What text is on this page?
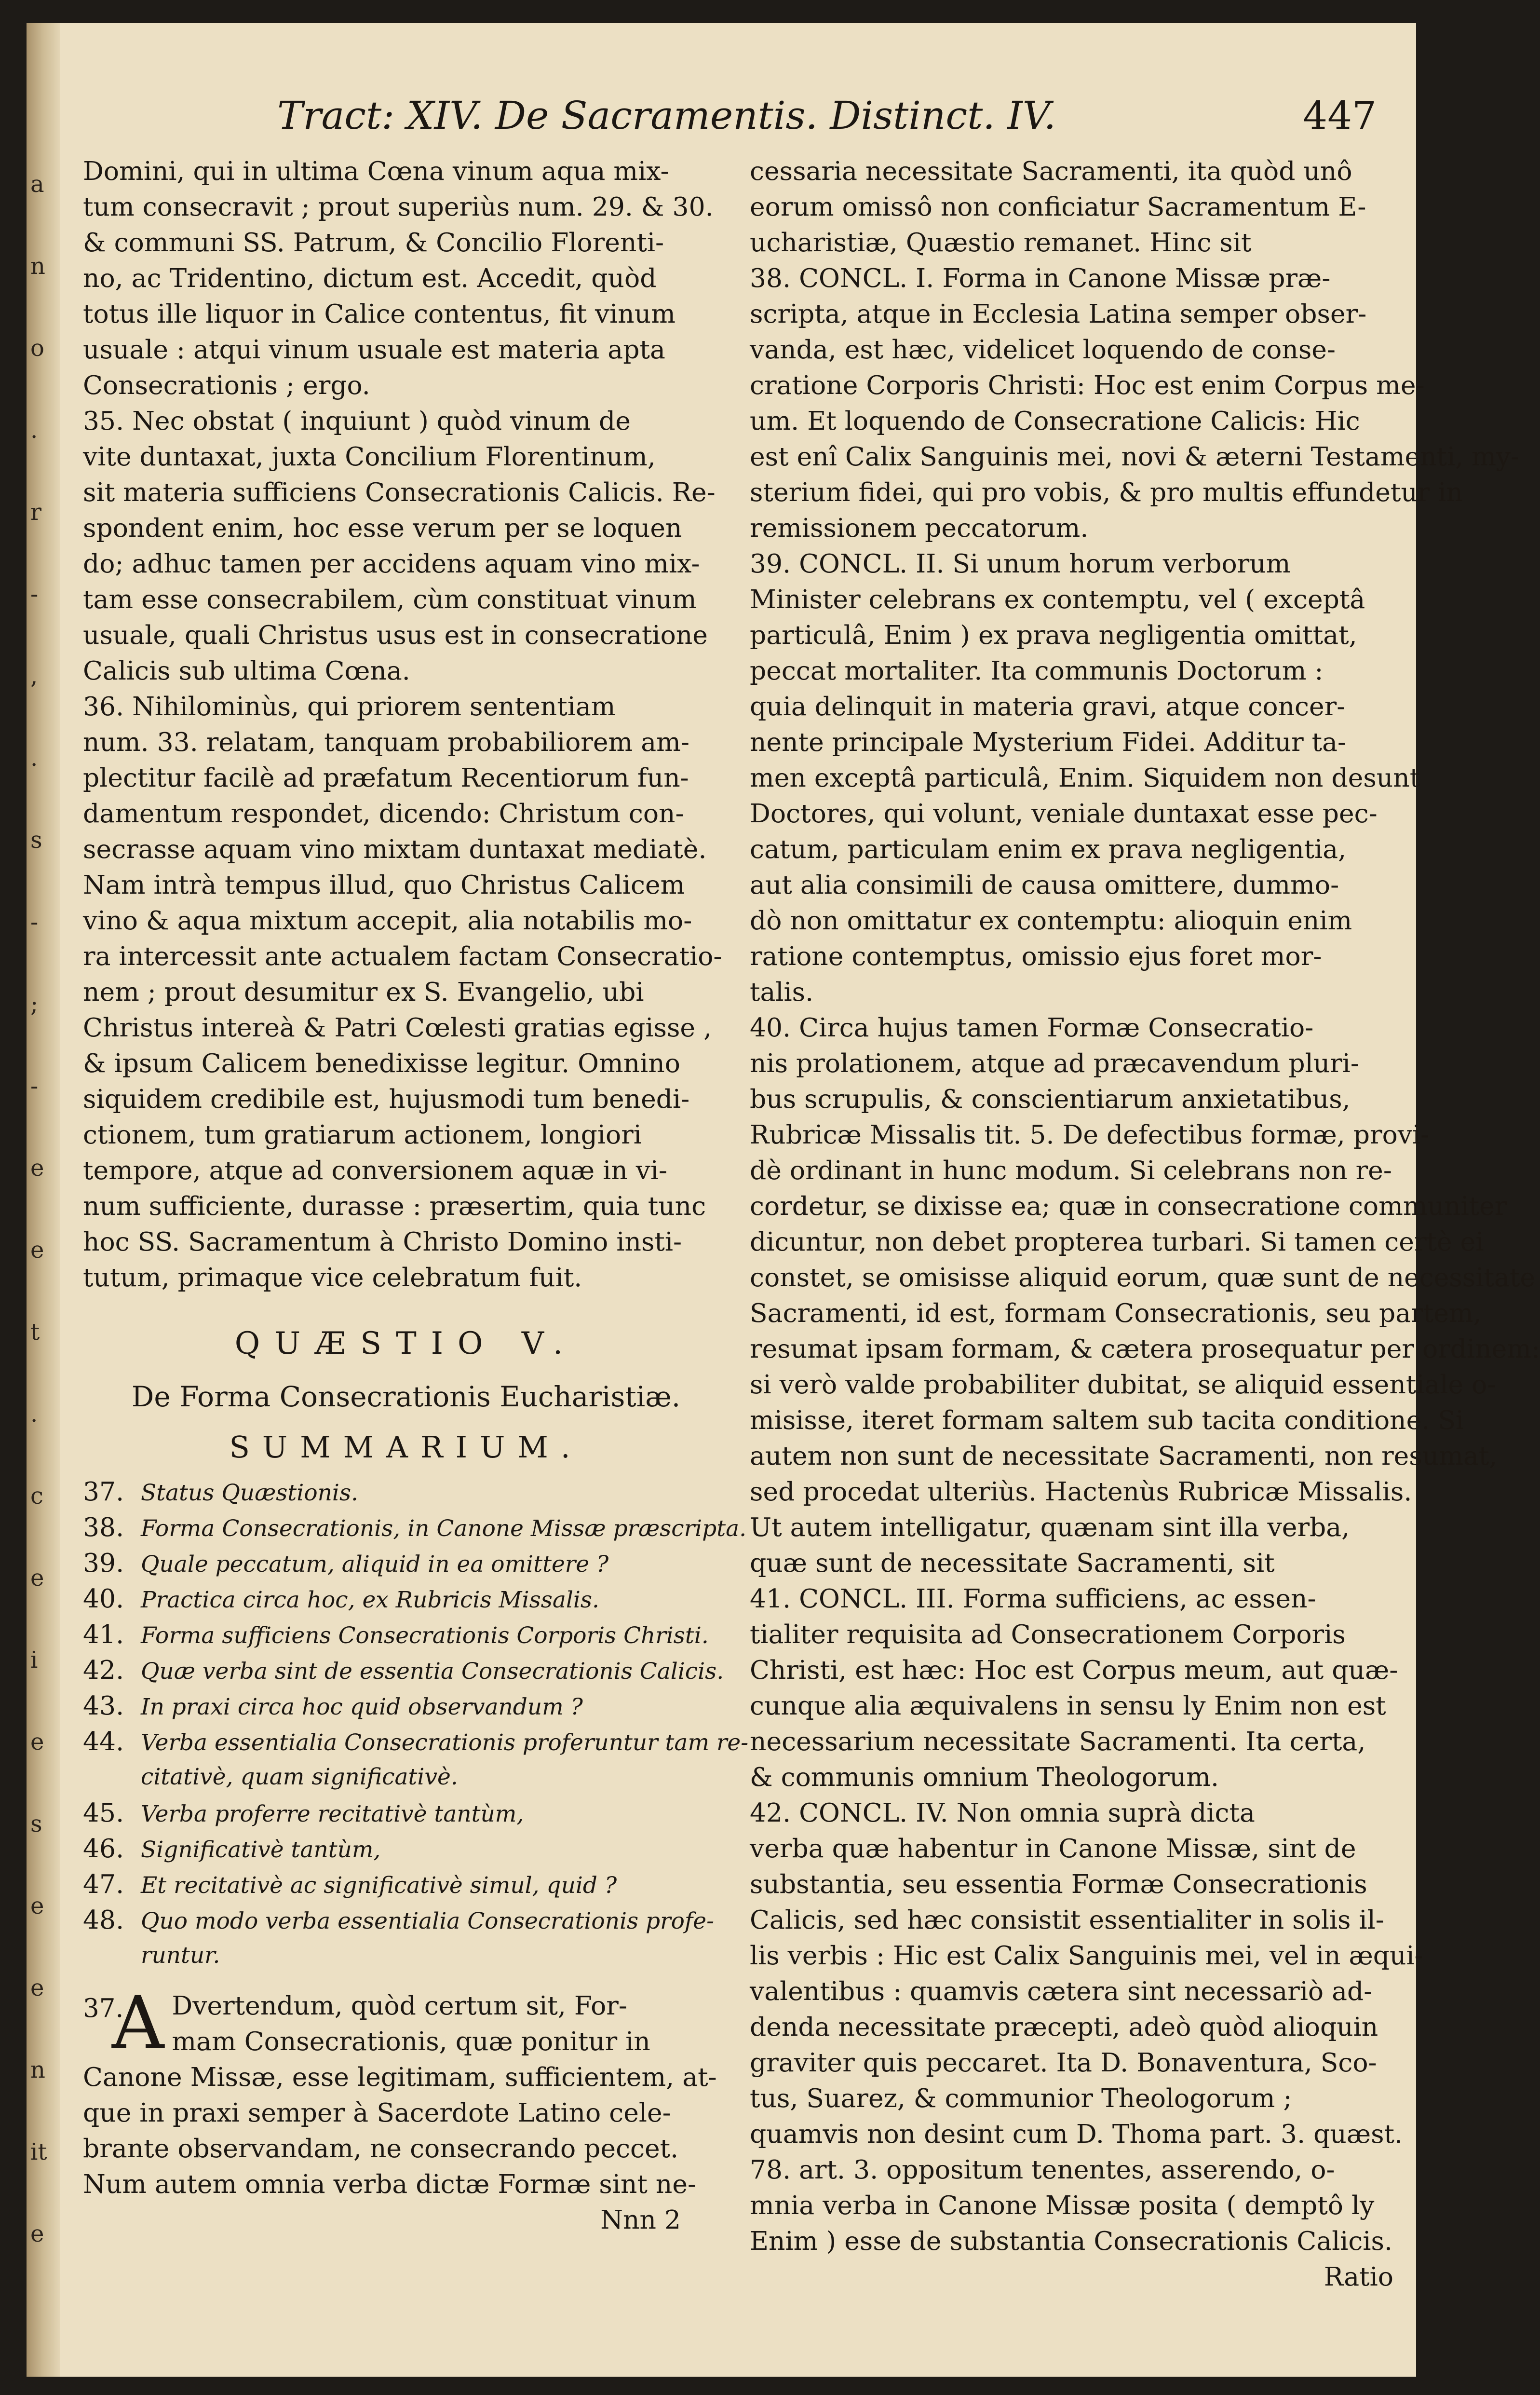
a
n
o
.
r
-
,
.
s
-
;
-
e
e
t
.
c
e
i
e
s
e
e
n
it
e
Tract: XIV. De Sacramentis. Distinct. IV.	447
Domini, qui in ultima Cœna vinum aqua mix-
tum consecravit ; prout superiùs num. 29. & 30.
& communi SS. Patrum, & Concilio Florenti-
no, ac Tridentino, dictum est. Accedit, quòd
totus ille liquor in Calice contentus, fit vinum
usuale : atqui vinum usuale est materia apta
Consecrationis ; ergo.
35. Nec obstat ( inquiunt ) quòd vinum de
vite duntaxat, juxta Concilium Florentinum,
sit materia sufficiens Consecrationis Calicis. Re-
spondent enim, hoc esse verum per se loquen
do; adhuc tamen per accidens aquam vino mix-
tam esse consecrabilem, cùm constituat vinum
usuale, quali Christus usus est in consecratione
Calicis sub ultima Cœna.
36. Nihilominùs, qui priorem sententiam
num. 33. relatam, tanquam probabiliorem am-
plectitur facilè ad præfatum Recentiorum fun-
damentum respondet, dicendo: Christum con-
secrasse aquam vino mixtam duntaxat mediatè.
Nam intrà tempus illud, quo Christus Calicem
vino & aqua mixtum accepit, alia notabilis mo-
ra intercessit ante actualem factam Consecratio-
nem ; prout desumitur ex S. Evangelio, ubi
Christus intereà & Patri Cœlesti gratias egisse ,
& ipsum Calicem benedixisse legitur. Omnino
siquidem credibile est, hujusmodi tum benedi-
ctionem, tum gratiarum actionem, longiori
tempore, atque ad conversionem aquæ in vi-
num sufficiente, durasse : præsertim, quia tunc
hoc SS. Sacramentum à Christo Domino insti-
tutum, primaque vice celebratum fuit.
QUÆSTIO V.
De Forma Consecrationis Eucharistiæ.
SUMMARIUM.
37. Status Quæstionis.
38. Forma Consecrationis, in Canone Missæ præscripta.
39. Quale peccatum, aliquid in ea omittere ?
40. Practica circa hoc, ex Rubricis Missalis.
41. Forma sufficiens Consecrationis Corporis Christi.
42. Quæ verba sint de essentia Consecrationis Calicis.
43. In praxi circa hoc quid observandum ?
44. Verba essentialia Consecrationis proferuntur tam re-
citativè, quam significativè.
45. Verba proferre recitativè tantùm,
46. Significativè tantùm,
47. Et recitativè ac significativè simul, quid ?
48. Quo modo verba essentialia Consecrationis profe-
runtur.
37.
A Dvertendum, quòd certum sit, For-
mam Consecrationis, quæ ponitur in
Canone Missæ, esse legitimam, sufficientem, at-
que in praxi semper à Sacerdote Latino cele-
brante observandam, ne consecrando peccet.
Num autem omnia verba dictæ Formæ sint ne-
Nnn 2
cessaria necessitate Sacramenti, ita quòd unô
eorum omissô non conficiatur Sacramentum E-
ucharistiæ, Quæstio remanet. Hinc sit
38. CONCL. I. Forma in Canone Missæ præ-
scripta, atque in Ecclesia Latina semper obser-
vanda, est hæc, videlicet loquendo de conse-
cratione Corporis Christi: Hoc est enim Corpus me-
um. Et loquendo de Consecratione Calicis: Hic
est enî Calix Sanguinis mei, novi & æterni Testamenti, my-
sterium fidei, qui pro vobis, & pro multis effundetur in
remissionem peccatorum.
39. CONCL. II. Si unum horum verborum
Minister celebrans ex contemptu, vel ( exceptâ
particulâ, Enim ) ex prava negligentia omittat,
peccat mortaliter. Ita communis Doctorum :
quia delinquit in materia gravi, atque concer-
nente principale Mysterium Fidei. Additur ta-
men exceptâ particulâ, Enim. Siquidem non desunt
Doctores, qui volunt, veniale duntaxat esse pec-
catum, particulam enim ex prava negligentia,
aut alia consimili de causa omittere, dummo-
dò non omittatur ex contemptu: alioquin enim
ratione contemptus, omissio ejus foret mor-
talis.
40. Circa hujus tamen Formæ Consecratio-
nis prolationem, atque ad præcavendum pluri-
bus scrupulis, & conscientiarum anxietatibus,
Rubricæ Missalis tit. 5. De defectibus formæ, provi-
dè ordinant in hunc modum. Si celebrans non re-
cordetur, se dixisse ea; quæ in consecratione communiter
dicuntur, non debet propterea turbari. Si tamen certè ei
constet, se omisisse aliquid eorum, quæ sunt de necessitate
Sacramenti, id est, formam Consecrationis, seu partem,
resumat ipsam formam, & cætera prosequatur per ordinem:
si verò valde probabiliter dubitat, se aliquid essentiale o-
misisse, iteret formam saltem sub tacita conditione. Si
autem non sunt de necessitate Sacramenti, non resumat,
sed procedat ulteriùs. Hactenùs Rubricæ Missalis.
Ut autem intelligatur, quænam sint illa verba,
quæ sunt de necessitate Sacramenti, sit
41. CONCL. III. Forma sufficiens, ac essen-
tialiter requisita ad Consecrationem Corporis
Christi, est hæc: Hoc est Corpus meum, aut quæ-
cunque alia æquivalens in sensu ly Enim non est
necessarium necessitate Sacramenti. Ita certa,
& communis omnium Theologorum.
42. CONCL. IV. Non omnia suprà dicta
verba quæ habentur in Canone Missæ, sint de
substantia, seu essentia Formæ Consecrationis
Calicis, sed hæc consistit essentialiter in solis il-
lis verbis : Hic est Calix Sanguinis mei, vel in æqui-
valentibus : quamvis cætera sint necessariò ad-
denda necessitate præcepti, adeò quòd alioquin
graviter quis peccaret. Ita D. Bonaventura, Sco-
tus, Suarez, & communior Theologorum ;
quamvis non desint cum D. Thoma part. 3. quæst.
78. art. 3. oppositum tenentes, asserendo, o-
mnia verba in Canone Missæ posita ( demptô ly
Enim ) esse de substantia Consecrationis Calicis.
Ratio
